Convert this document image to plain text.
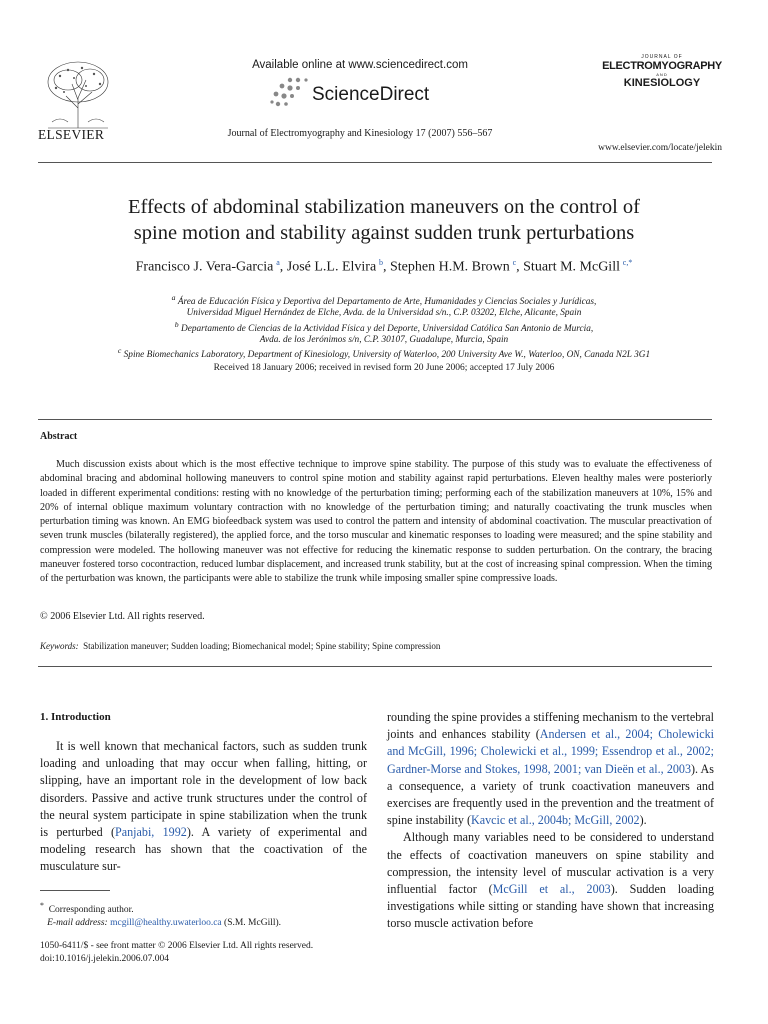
ELSEVIER
Available online at www.sciencedirect.com
ScienceDirect
Journal of Electromyography and Kinesiology 17 (2007) 556–567
JOURNAL OF
ELECTROMYOGRAPHY
AND
KINESIOLOGY
www.elsevier.com/locate/jelekin
Effects of abdominal stabilization maneuvers on the control of
spine motion and stability against sudden trunk perturbations
Francisco J. Vera-Garcia  $^a$, José L.L. Elvira  $^b$, Stephen H.M. Brown  $^c$, Stuart M. McGill  $^{c,*}$
$^a$ Área de Educación Física y Deportiva del Departamento de Arte, Humanidades y Ciencias Sociales y Jurídicas,
Universidad Miguel Hernández de Elche, Avda. de la Universidad s/n., C.P. 03202, Elche, Alicante, Spain
$^b$ Departamento de Ciencias de la Actividad Física y del Deporte, Universidad Católica San Antonio de Murcia,
Avda. de los Jerónimos s/n, C.P. 30107, Guadalupe, Murcia, Spain
$^c$ Spine Biomechanics Laboratory, Department of Kinesiology, University of Waterloo, 200 University Ave W., Waterloo, ON, Canada N2L 3G1
Received 18 January 2006; received in revised form 20 June 2006; accepted 17 July 2006
Abstract
Much discussion exists about which is the most effective technique to improve spine stability. The purpose of this study was to evaluate the effectiveness of abdominal bracing and abdominal hollowing maneuvers to control spine motion and stability against rapid perturbations. Eleven healthy males were posteriorly loaded in different experimental conditions: resting with no knowledge of the perturbation timing; performing each of the stabilization maneuvers at 10%, 15% and 20% of internal oblique maximum voluntary contraction with no knowledge of the perturbation timing; and naturally coactivating the trunk muscles when perturbation timing was known. An EMG biofeedback system was used to control the pattern and intensity of abdominal coactivation. The muscular preactivation of seven trunk muscles (bilaterally registered), the applied force, and the torso muscular and kinematic responses to loading were measured; and the spine stability and compression were modeled. The hollowing maneuver was not effective for reducing the kinematic response to sudden perturbation. On the contrary, the bracing maneuver fostered torso cocontraction, reduced lumbar displacement, and increased trunk stability, but at the cost of increasing spinal compression. When the timing of the perturbation was known, the participants were able to stabilize the trunk while imposing smaller spine compressive loads.
© 2006 Elsevier Ltd. All rights reserved.
Keywords: Stabilization maneuver; Sudden loading; Biomechanical model; Spine stability; Spine compression
1. Introduction

It is well known that mechanical factors, such as sudden trunk loading and unloading that may occur when falling, hitting, or slipping, have an important role in the development of low back disorders. Passive and active trunk structures under the control of the neural system participate in spine stabilization when the trunk is perturbed (Panjabi, 1992). A variety of experimental and modeling research has shown that the coactivation of the musculature sur-

rounding the spine provides a stiffening mechanism to the vertebral joints and enhances stability (Andersen et al., 2004; Cholewicki and McGill, 1996; Cholewicki et al., 1999; Essendrop et al., 2002; Gardner-Morse and Stokes, 1998, 2001; van Dieën et al., 2003). As a consequence, a variety of trunk coactivation maneuvers and exercises are frequently used in the prevention and the treatment of spine instability (Kavcic et al., 2004b; McGill, 2002).

Although many variables need to be considered to understand the effects of coactivation maneuvers on spine stability and compression, the intensity level of muscular activation is a very influential factor (McGill et al., 2003). Sudden loading investigations while sitting or standing have shown that increasing torso muscle activation before

* Corresponding author.
E-mail address: mcgill@healthy.uwaterloo.ca (S.M. McGill).
1050-6411/$ - see front matter © 2006 Elsevier Ltd. All rights reserved.
doi:10.1016/j.jelekin.2006.07.004
